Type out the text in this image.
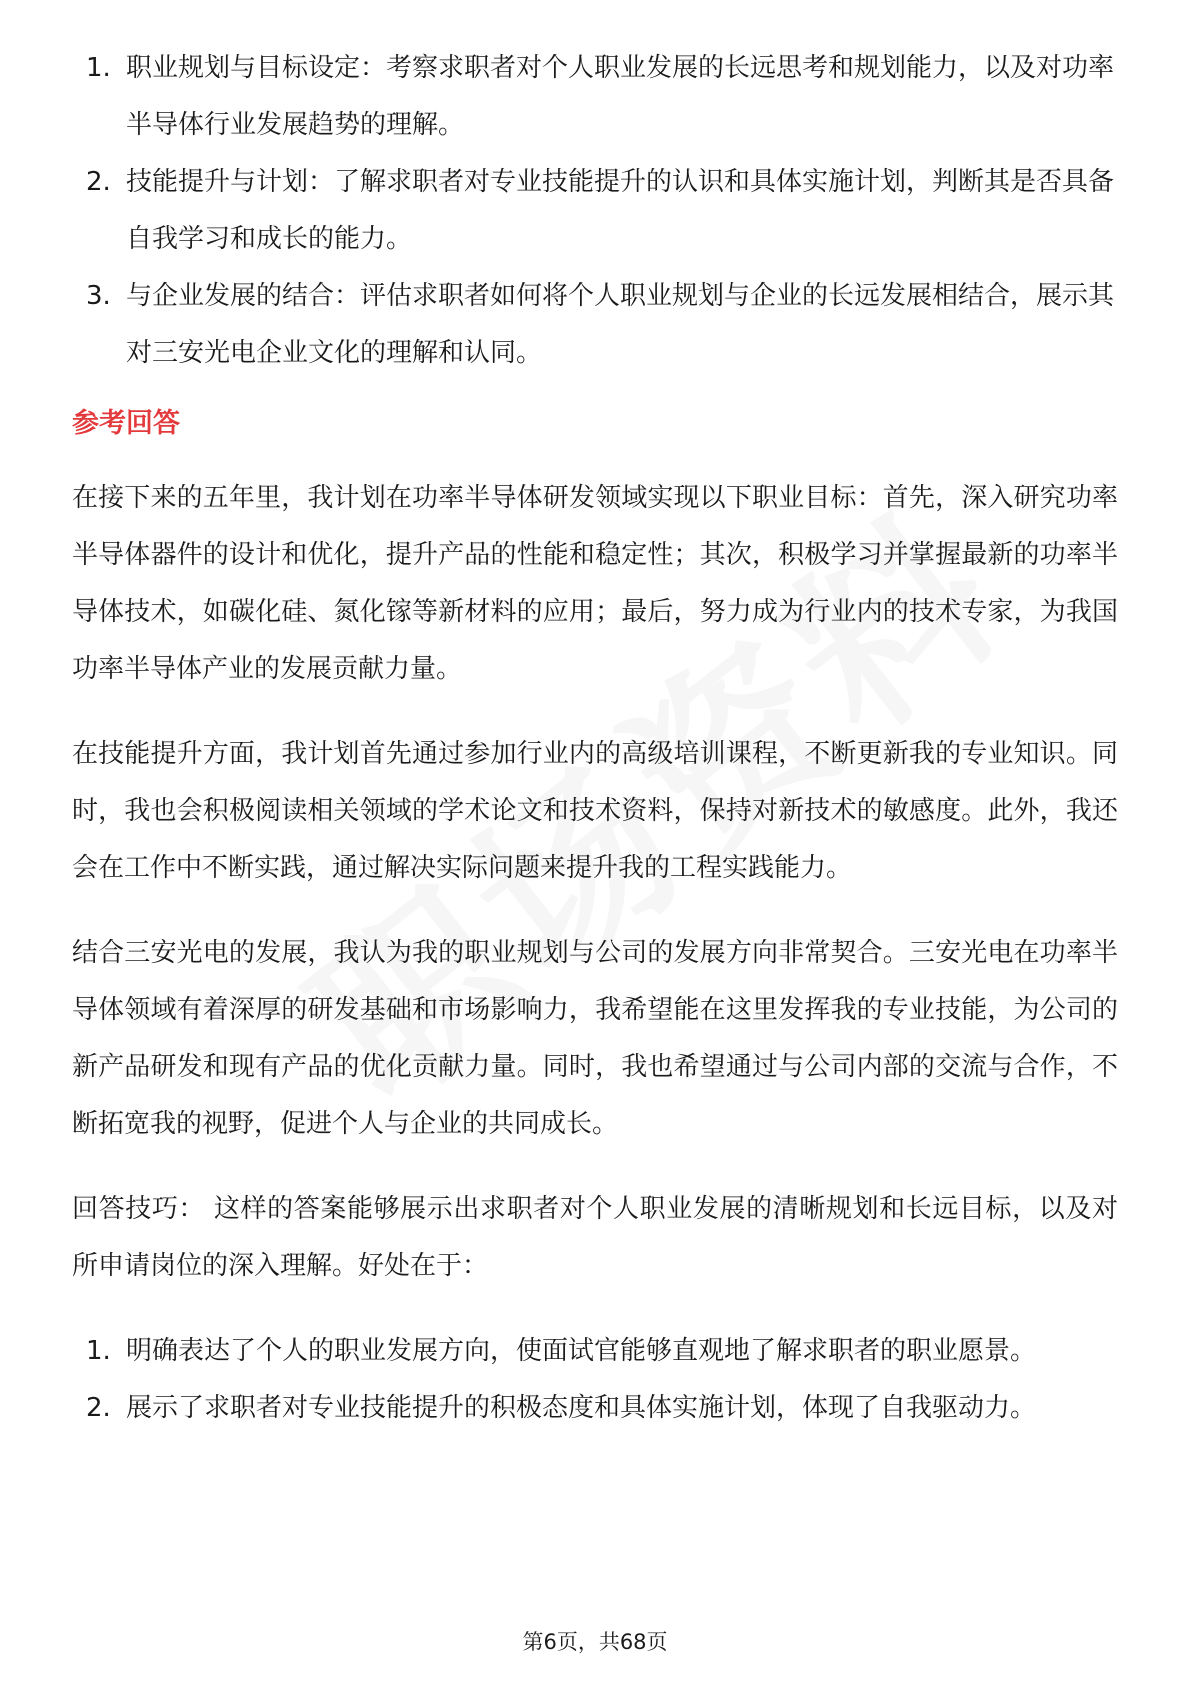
1. 职业规划与目标设定：考察求职者对个人职业发展的长远思考和规划能力，以及对功率半导体行业发展趋势的理解。
2. 技能提升与计划：了解求职者对专业技能提升的认识和具体实施计划，判断其是否具备自我学习和成长的能力。
3. 与企业发展的结合：评估求职者如何将个人职业规划与企业的长远发展相结合，展示其对三安光电企业文化的理解和认同。
参考回答

在接下来的五年里，我计划在功率半导体研发领域实现以下职业目标：首先，深入研究功率半导体器件的设计和优化，提升产品的性能和稳定性；其次，积极学习并掌握最新的功率半导体技术，如碳化硅、氮化镓等新材料的应用；最后，努力成为行业内的技术专家，为我国功率半导体产业的发展贡献力量。

在技能提升方面，我计划首先通过参加行业内的高级培训课程，不断更新我的专业知识。同时，我也会积极阅读相关领域的学术论文和技术资料，保持对新技术的敏感度。此外，我还会在工作中不断实践，通过解决实际问题来提升我的工程实践能力。

结合三安光电的发展，我认为我的职业规划与公司的发展方向非常契合。三安光电在功率半导体领域有着深厚的研发基础和市场影响力，我希望能在这里发挥我的专业技能，为公司的新产品研发和现有产品的优化贡献力量。同时，我也希望通过与公司内部的交流与合作，不断拓宽我的视野，促进个人与企业的共同成长。

回答技巧： 这样的答案能够展示出求职者对个人职业发展的清晰规划和长远目标，以及对所申请岗位的深入理解。好处在于：

1. 明确表达了个人的职业发展方向，使面试官能够直观地了解求职者的职业愿景。
2. 展示了求职者对专业技能提升的积极态度和具体实施计划，体现了自我驱动力。
第6页，共68页
